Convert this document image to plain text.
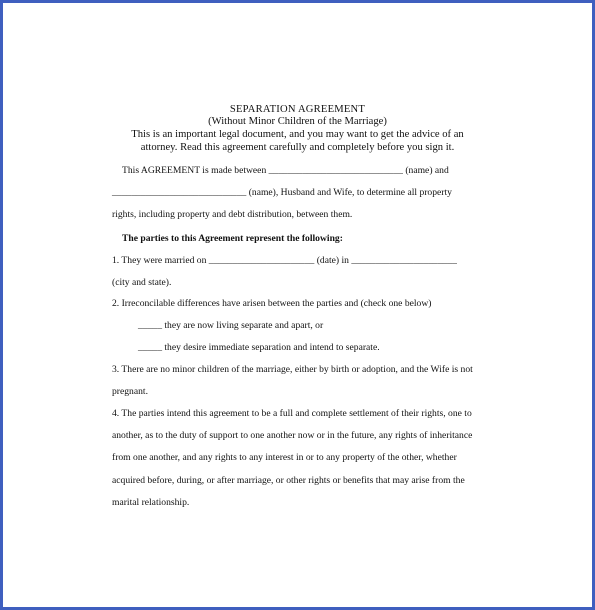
SEPARATION AGREEMENT
(Without Minor Children of the Marriage)
This is an important legal document, and you may want to get the advice of an
attorney. Read this agreement carefully and completely before you sign it.
This AGREEMENT is made between ____________________________ (name) and
____________________________ (name), Husband and Wife, to determine all property
rights, including property and debt distribution, between them.
The parties to this Agreement represent the following:
1. They were married on ______________________ (date) in ______________________
(city and state).
2. Irreconcilable differences have arisen between the parties and (check one below)
_____ they are now living separate and apart, or
_____ they desire immediate separation and intend to separate.
3. There are no minor children of the marriage, either by birth or adoption, and the Wife is not
pregnant.
4. The parties intend this agreement to be a full and complete settlement of their rights, one to
another, as to the duty of support to one another now or in the future, any rights of inheritance
from one another, and any rights to any interest in or to any property of the other, whether
acquired before, during, or after marriage, or other rights or benefits that may arise from the
marital relationship.
